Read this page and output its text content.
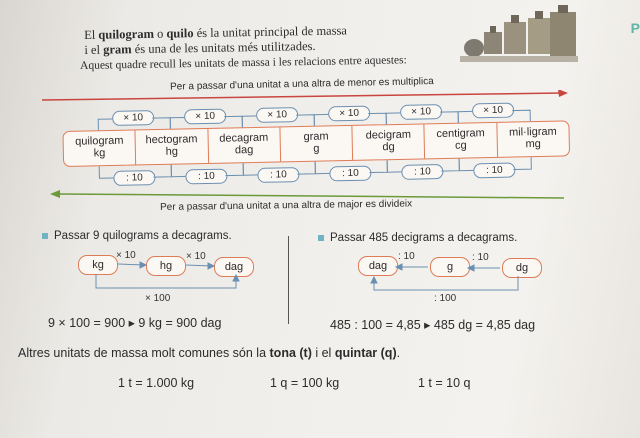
El quilogram o quilo és la unitat principal de massa
i el gram és una de les unitats més utilitzades.
Aquest quadre recull les unitats de massa i les relacions entre aquestes:
P
Per a passar d'una unitat a una altra de menor es multiplica
quilogram
kg
hectogram
hg
decagram
dag
gram
g
decigram
dg
centigram
cg
mil·ligram
mg
× 10	× 10	× 10	× 10	× 10	× 10
: 10	: 10	: 10	: 10	: 10	: 10
Per a passar d'una unitat a una altra de major es divideix
Passar 9 quilograms a decagrams.
kg	hg	dag
× 10	× 10
× 100
9 × 100 = 900 ▸ 9 kg = 900 dag
Passar 485 decigrams a decagrams.
dag	g	dg
: 10	: 10
: 100
485 : 100 = 4,85 ▸ 485 dg = 4,85 dag
Altres unitats de massa molt comunes són la tona (t) i el quintar (q).
1 t = 1.000 kg	1 q = 100 kg	1 t = 10 q
